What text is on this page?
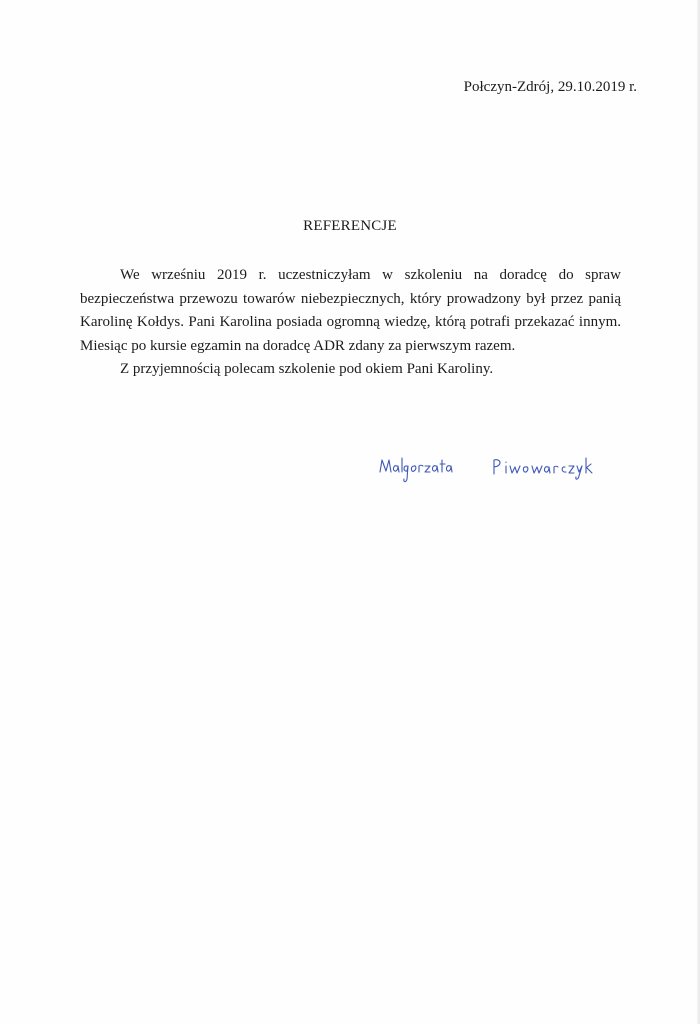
Połczyn-Zdrój, 29.10.2019 r.
REFERENCJE

We wrześniu 2019 r. uczestniczyłam w szkoleniu na doradcę do spraw bezpieczeństwa przewozu towarów niebezpiecznych, który prowadzony był przez panią Karolinę Kołdys. Pani Karolina posiada ogromną wiedzę, którą potrafi przekazać innym. Miesiąc po kursie egzamin na doradcę ADR zdany za pierwszym razem.

Z przyjemnością polecam szkolenie pod okiem Pani Karoliny.
